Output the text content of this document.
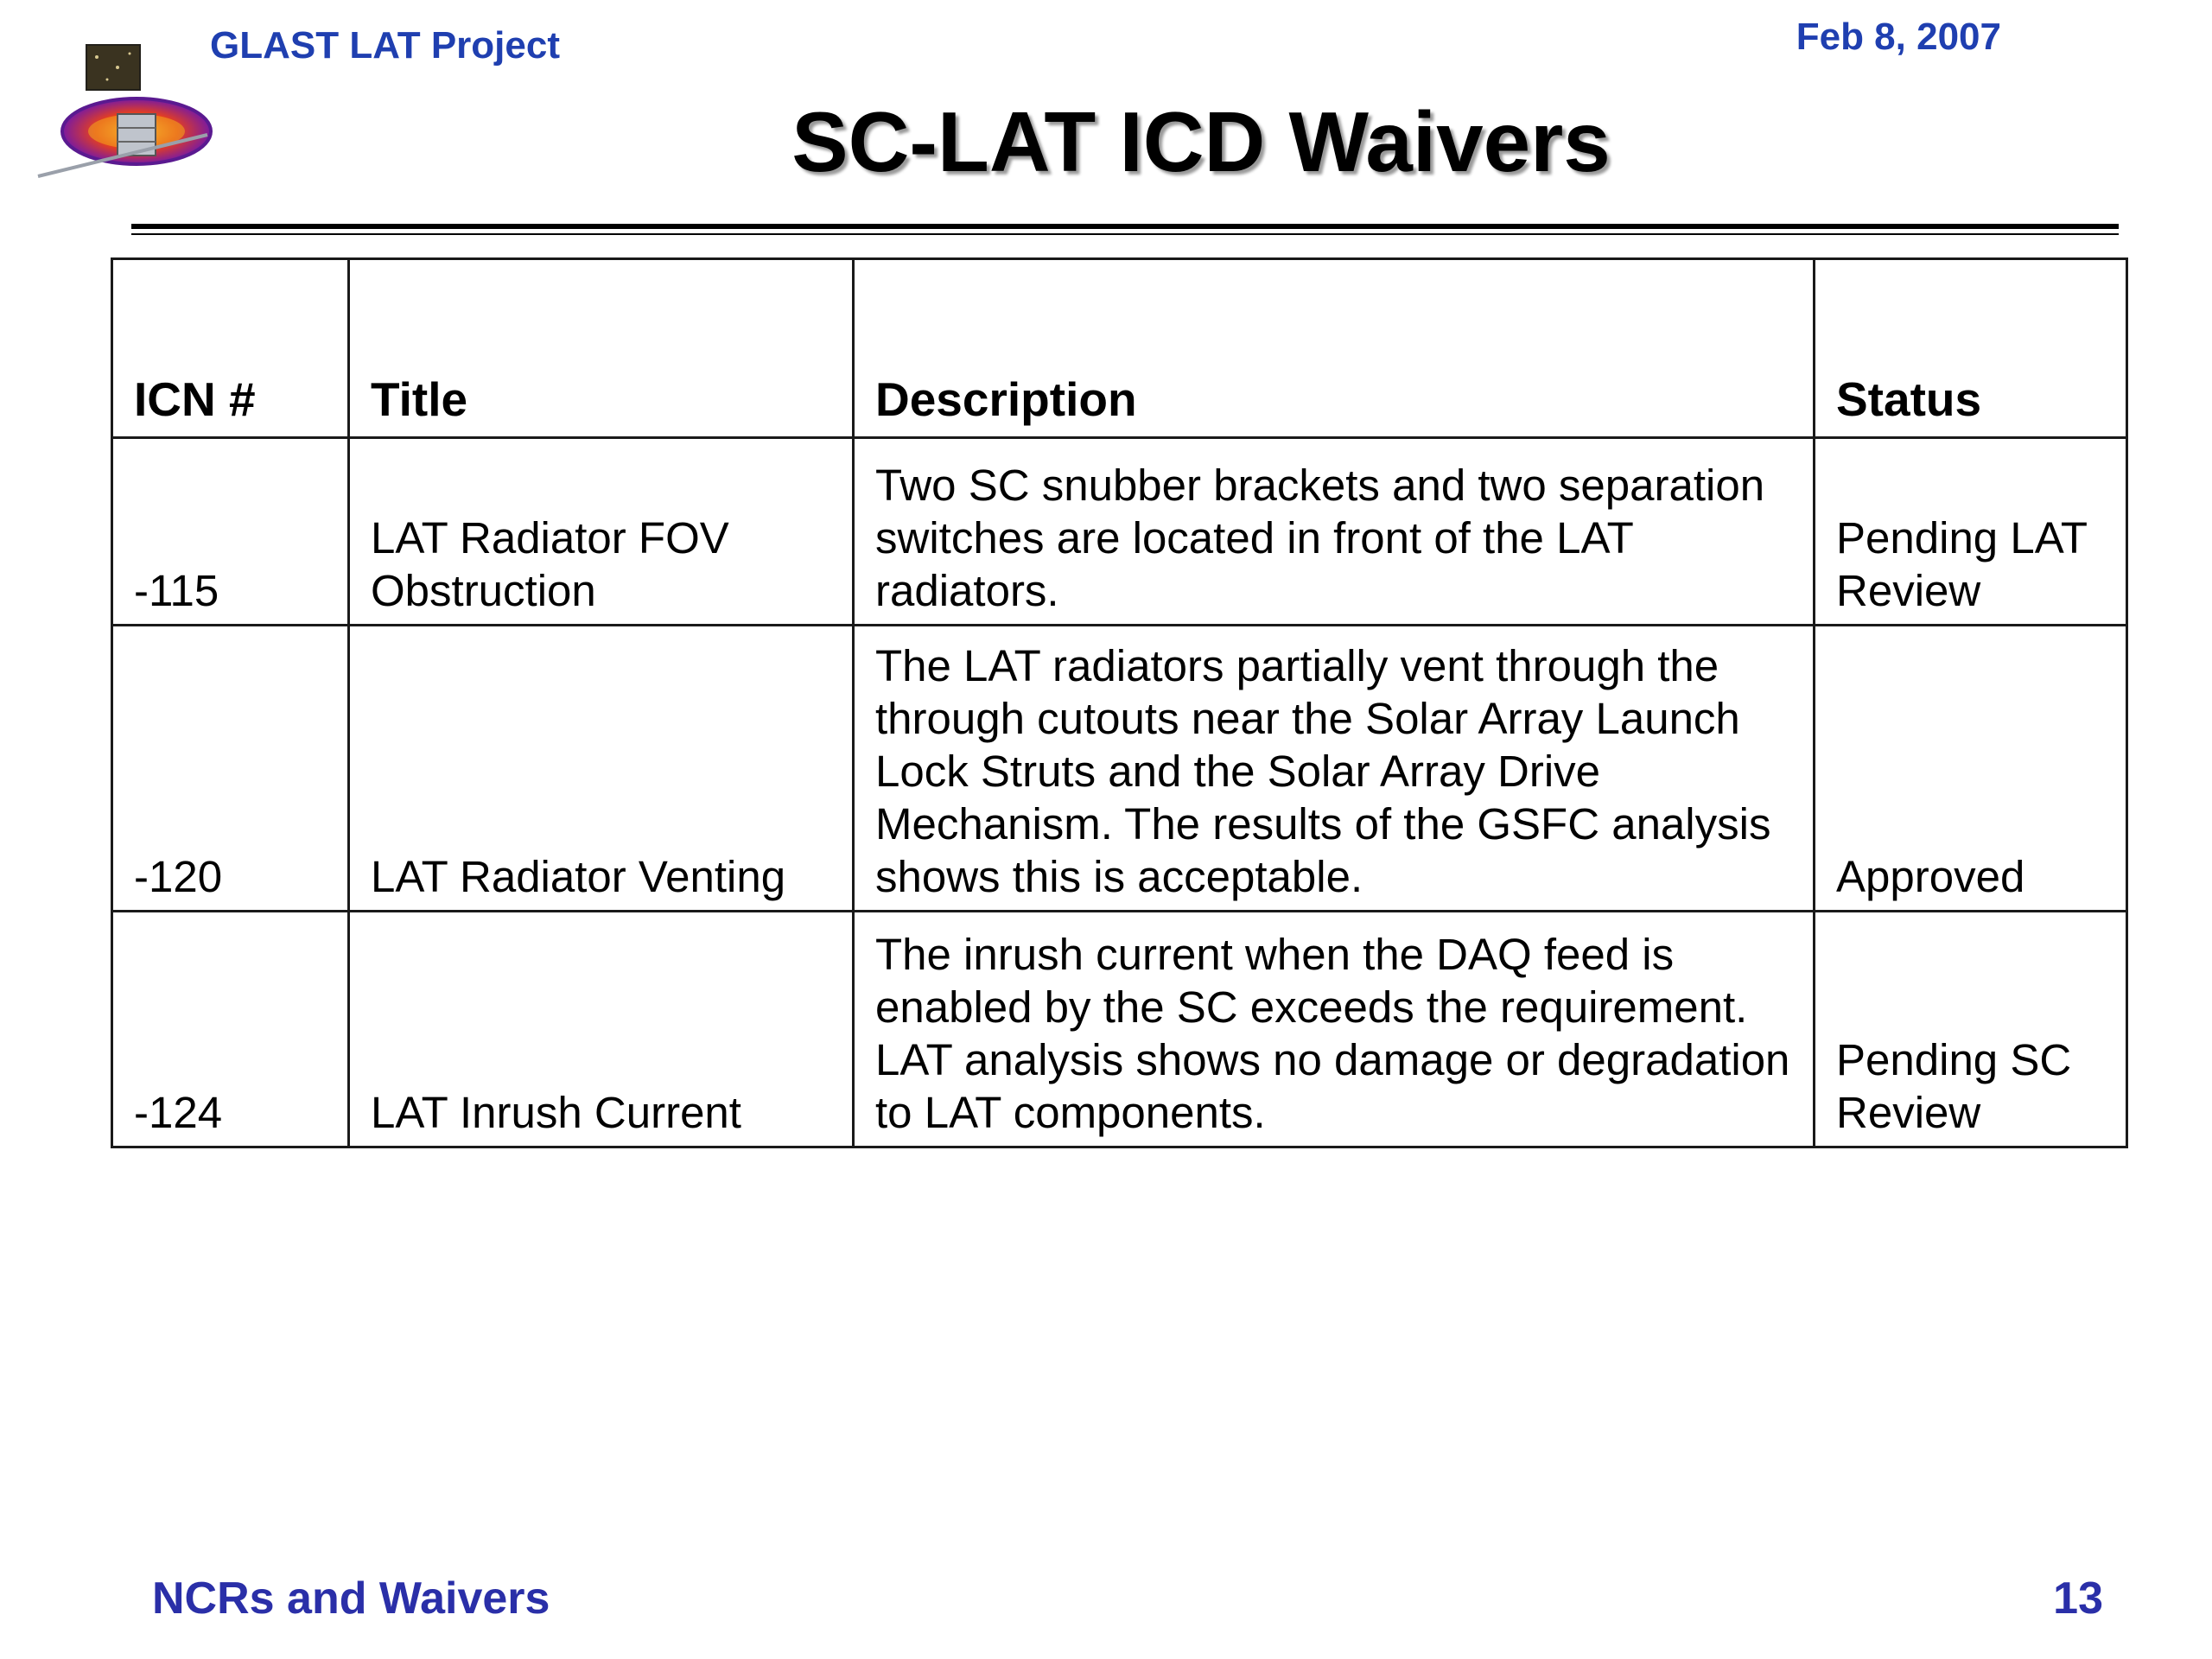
GLAST LAT Project	Feb 8, 2007
SC-LAT ICD Waivers
ICN #	Title	Description	Status
-115	LAT Radiator FOV Obstruction	Two SC snubber brackets and two separation switches are located in front of the LAT radiators.	Pending LAT Review
-120	LAT Radiator Venting	The LAT radiators partially vent through the through cutouts near the Solar Array Launch Lock Struts and the Solar Array Drive Mechanism. The results of the GSFC analysis shows this is acceptable.	Approved
-124	LAT Inrush Current	The inrush current when the DAQ feed is enabled by the SC exceeds the requirement. LAT analysis shows no damage or degradation to LAT components.	Pending SC Review
NCRs and Waivers	13
